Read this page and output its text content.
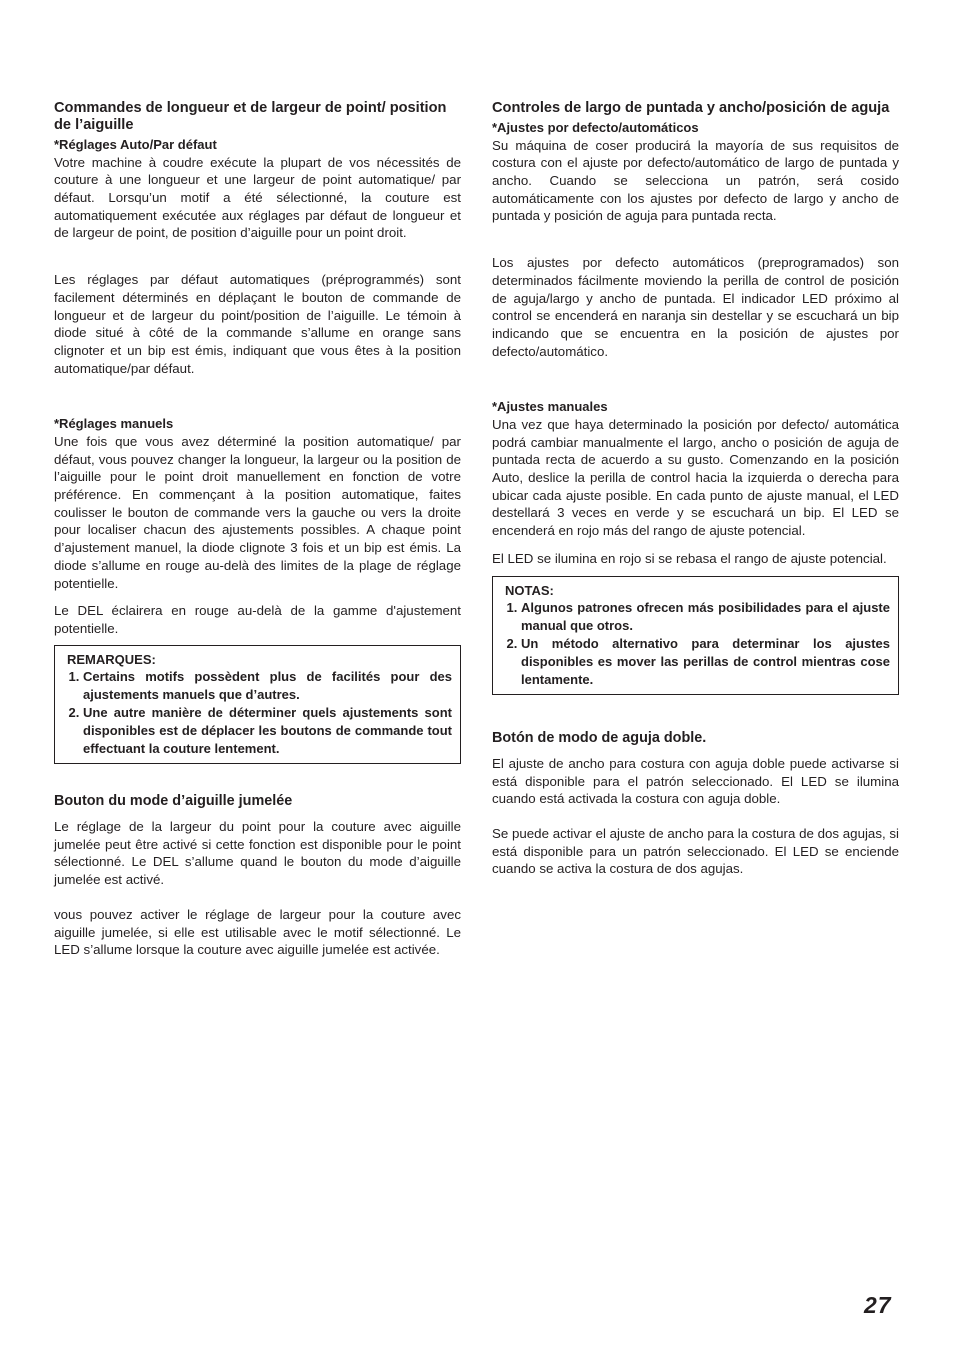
Commandes de longueur et de largeur de point/ position de l’aiguille
*Réglages Auto/Par défaut

Votre machine à coudre exécute la plupart de vos nécessités de couture à une longueur et une largeur de point automatique/ par défaut. Lorsqu’un motif a été sélectionné, la couture est automatiquement exécutée aux réglages par défaut de longueur et de largeur de point, de position d’aiguille pour un point droit.

Les réglages par défaut automatiques (préprogrammés) sont facilement déterminés en déplaçant le bouton de commande de longueur et de largeur du point/position de l’aiguille. Le témoin à diode situé à côté de la commande s’allume en orange sans clignoter et un bip est émis, indiquant que vous êtes à la position automatique/par défaut.

*Réglages manuels

Une fois que vous avez déterminé la position automatique/ par défaut, vous pouvez changer la longueur, la largeur ou la position de l’aiguille pour le point droit manuellement en fonction de votre préférence. En commençant à la position automatique, faites coulisser le bouton de commande vers la gauche ou vers la droite pour localiser chacun des ajustements possibles. A chaque point d’ajustement manuel, la diode clignote 3 fois et un bip est émis. La diode s’allume en rouge au-delà des limites de la plage de réglage potentielle.

Le DEL éclairera en rouge au-delà de la gamme d'ajustement potentielle.

REMARQUES:
1. Certains motifs possèdent plus de facilités pour des ajustements manuels que d’autres.
2. Une autre manière de déterminer quels ajustements sont disponibles est de déplacer les boutons de commande tout effectuant la couture lentement.
Bouton du mode d’aiguille jumelée

Le réglage de la largeur du point pour la couture avec aiguille jumelée peut être activé si cette fonction est disponible pour le point sélectionné. Le DEL s’allume quand le bouton du mode d’aiguille jumelée est activé.

vous pouvez activer le réglage de largeur pour la couture avec aiguille jumelée, si elle est utilisable avec le motif sélectionné. Le LED s’allume lorsque la couture avec aiguille jumelée est activée.

Controles de largo de puntada y ancho/posición de aguja
*Ajustes por defecto/automáticos

Su máquina de coser producirá la mayoría de sus requisitos de costura con el ajuste por defecto/automático de largo de puntada y ancho. Cuando se selecciona un patrón, será cosido automáticamente con los ajustes por defecto de largo y ancho de puntada y posición de aguja para puntada recta.

Los ajustes por defecto automáticos (preprogramados) son determinados fácilmente moviendo la perilla de control de posición de aguja/largo y ancho de puntada. El indicador LED próximo al control se encenderá en naranja sin destellar y se escuchará un bip indicando que se encuentra en la posición de ajustes por defecto/automático.

*Ajustes manuales

Una vez que haya determinado la posición por defecto/ automática podrá cambiar manualmente el largo, ancho o posición de aguja de puntada recta de acuerdo a su gusto. Comenzando en la posición Auto, deslice la perilla de control hacia la izquierda o derecha para ubicar cada ajuste posible. En cada punto de ajuste manual, el LED destellará 3 veces en verde y se escuchará un bip. El LED se encenderá en rojo más del rango de ajuste potencial.

El LED se ilumina en rojo si se rebasa el rango de ajuste potencial.

NOTAS:
1. Algunos patrones ofrecen más posibilidades para el ajuste manual que otros.
2. Un método alternativo para determinar los ajustes disponibles es mover las perillas de control mientras cose lentamente.
Botón de modo de aguja doble.

El ajuste de ancho para costura con aguja doble puede activarse si está disponible para el patrón seleccionado. El LED se ilumina cuando está activada la costura con aguja doble.

Se puede activar el ajuste de ancho para la costura de dos agujas, si está disponible para un patrón seleccionado. El LED se enciende cuando se activa la costura de dos agujas.

27
